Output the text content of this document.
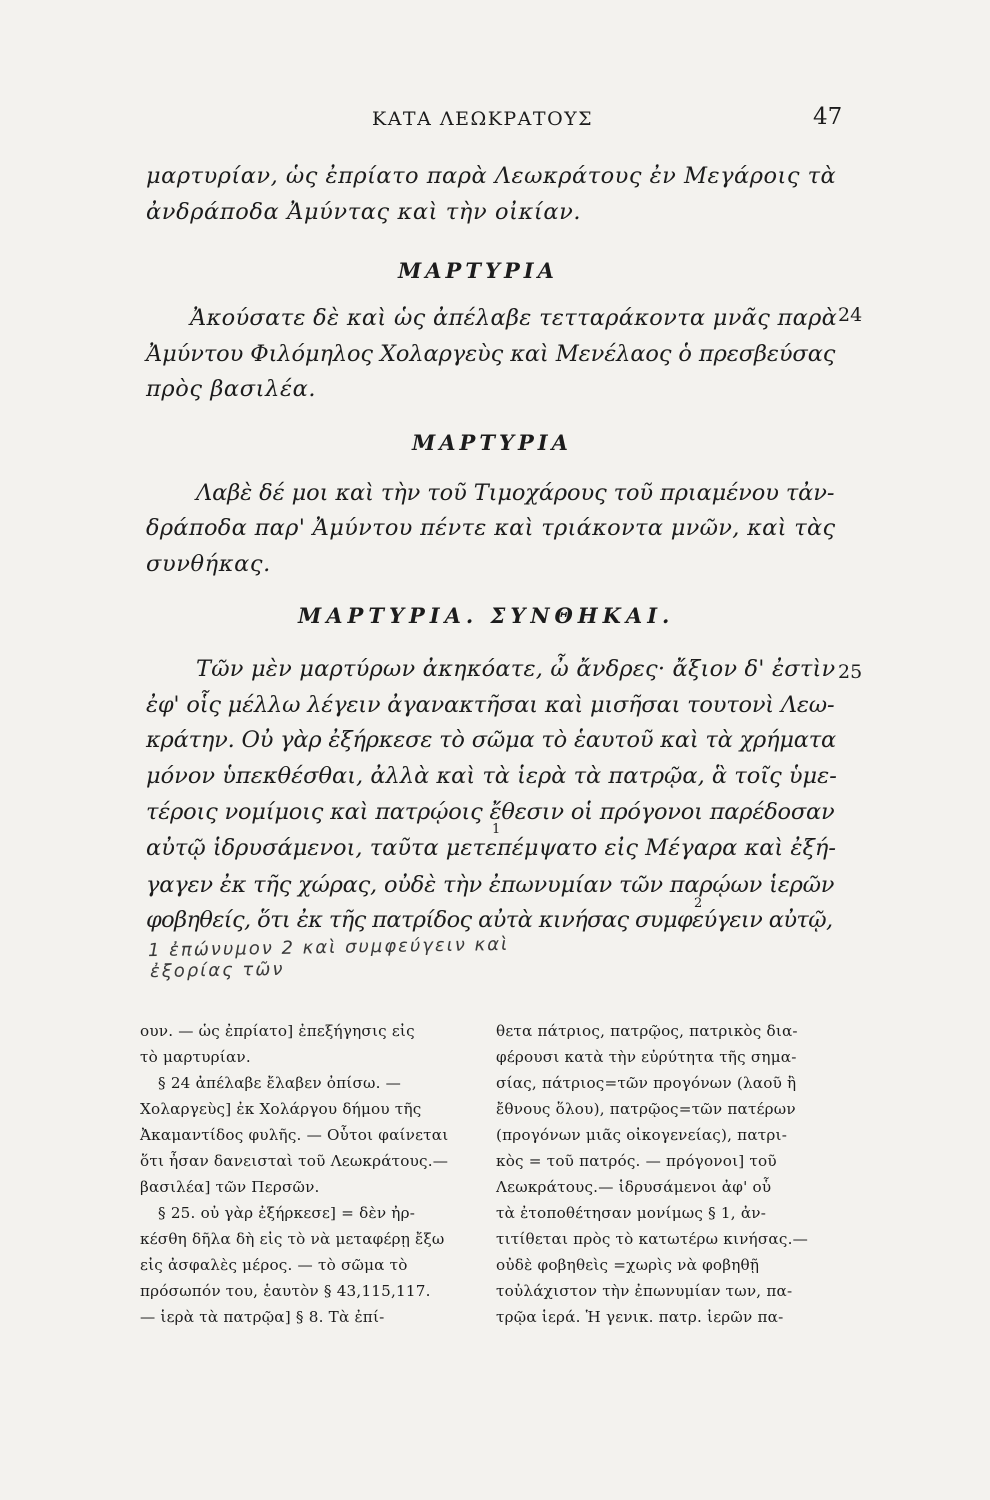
ΚΑΤΑ ΛΕΩΚΡΑΤΟΥΣ	47
μαρτυρίαν, ὡς ἐπρίατο παρὰ Λεωκράτους ἐν Μεγάροις τὰ
ἀνδράποδα Ἀμύντας καὶ τὴν οἰκίαν.
ΜΑΡΤΥΡΙΑ
Ἀκούσατε δὲ καὶ ὡς ἀπέλαβε τετταράκοντα μνᾶς παρὰ 24
Ἀμύντου Φιλόμηλος Χολαργεὺς καὶ Μενέλαος ὁ πρεσβεύσας
πρὸς βασιλέα.
ΜΑΡΤΥΡΙΑ
Λαβὲ δέ μοι καὶ τὴν τοῦ Τιμοχάρους τοῦ πριαμένου τἀν-
δράποδα παρ' Ἀμύντου πέντε καὶ τριάκοντα μνῶν, καὶ τὰς
συνθήκας.
ΜΑΡΤΥΡΙΑ. ΣΥΝΘΗΚΑΙ.
Τῶν μὲν μαρτύρων ἀκηκόατε, ὦ ἄνδρες· ἄξιον δ' ἐστὶν 25
ἐφ' οἷς μέλλω λέγειν ἀγανακτῆσαι καὶ μισῆσαι τουτονὶ Λεω-
κράτην. Οὐ γὰρ ἐξήρκεσε τὸ σῶμα τὸ ἑαυτοῦ καὶ τὰ χρήματα
μόνον ὑπεκθέσθαι, ἀλλὰ καὶ τὰ ἱερὰ τὰ πατρῷα, ἃ τοῖς ὑμε-
τέροις νομίμοις καὶ πατρῴοις ἔθεσιν οἱ πρόγονοι παρέδοσαν
1
αὐτῷ ἱδρυσάμενοι, ταῦτα μετεπέμψατο εἰς Μέγαρα καὶ ἐξή-
γαγεν ἐκ τῆς χώρας, οὐδὲ τὴν ἐπωνυμίαν τῶν παρῴων ἱερῶν
2
φοβηθείς, ὅτι ἐκ τῆς πατρίδος αὐτὰ κινήσας συμφεύγειν αὐτῷ,
1 ἐπώνυμον 2 καὶ συμφεύγειν καὶ
ἐξορίας τῶν
ουν. — ὡς ἐπρίατο] ἐπεξήγησις εἰς
τὸ μαρτυρίαν.
§ 24 ἀπέλαβε ἔλαβεν ὀπίσω. —
Χολαργεὺς] ἐκ Χολάργου δήμου τῆς
Ἀκαμαντίδος φυλῆς. — Οὗτοι φαίνεται
ὅτι ἦσαν δανεισταὶ τοῦ Λεωκράτους.—
βασιλέα] τῶν Περσῶν.
§ 25. οὐ γὰρ ἐξήρκεσε] = δὲν ἠρ-
κέσθη δῆλα δὴ εἰς τὸ νὰ μεταφέρῃ ἔξω
εἰς ἀσφαλὲς μέρος. — τὸ σῶμα τὸ
πρόσωπόν του, ἑαυτὸν § 43,115,117.
— ἱερὰ τὰ πατρῷα] § 8. Τὰ ἐπί-
θετα πάτριος, πατρῷος, πατρικὸς δια-
φέρουσι κατὰ τὴν εὐρύτητα τῆς σημα-
σίας, πάτριος=τῶν προγόνων (λαοῦ ἢ
ἔθνους ὅλου), πατρῷος=τῶν πατέρων
(προγόνων μιᾶς οἰκογενείας), πατρι-
κὸς = τοῦ πατρός. — πρόγονοι] τοῦ
Λεωκράτους.— ἱδρυσάμενοι ἀφ' οὗ
τὰ ἐτοποθέτησαν μονίμως § 1, ἀν-
τιτίθεται πρὸς τὸ κατωτέρω κινήσας.—
οὐδὲ φοβηθεὶς =χωρὶς νὰ φοβηθῇ
τοὐλάχιστον τὴν ἐπωνυμίαν των, πα-
τρῷα ἱερά. Ἡ γενικ. πατρ. ἱερῶν πα-
